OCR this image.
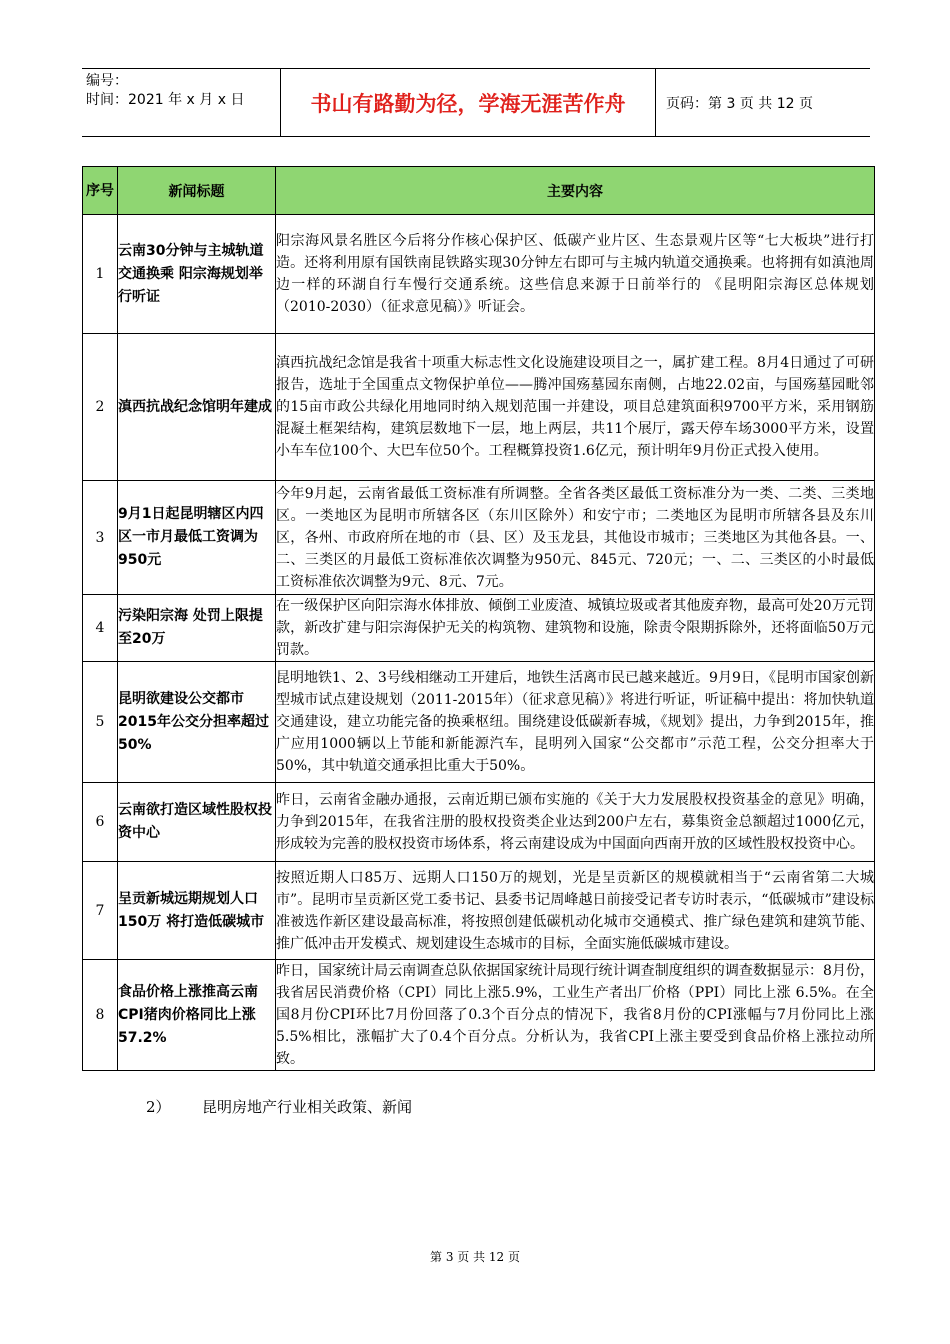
编号：
时间：2021 年 x 月 x 日	书山有路勤为径，学海无涯苦作舟	页码：第 3 页 共 12 页
序号	新闻标题	主要内容
1	云南30分钟与主城轨道交通换乘 阳宗海规划举行听证	阳宗海风景名胜区今后将分作核心保护区、低碳产业片区、生态景观片区等“七大板块”进行打造。还将利用原有国铁南昆铁路实现30分钟左右即可与主城内轨道交通换乘。也将拥有如滇池周边一样的环湖自行车慢行交通系统。这些信息来源于日前举行的 《昆明阳宗海区总体规划（2010-2030）（征求意见稿）》听证会。
2	滇西抗战纪念馆明年建成	滇西抗战纪念馆是我省十项重大标志性文化设施建设项目之一，属扩建工程。8月4日通过了可研报告，选址于全国重点文物保护单位——腾冲国殇墓园东南侧，占地22.02亩，与国殇墓园毗邻的15亩市政公共绿化用地同时纳入规划范围一并建设，项目总建筑面积9700平方米，采用钢筋混凝土框架结构，建筑层数地下一层，地上两层，共11个展厅，露天停车场3000平方米，设置小车车位100个、大巴车位50个。工程概算投资1.6亿元，预计明年9月份正式投入使用。
3	9月1日起昆明辖区内四区一市月最低工资调为950元	今年9月起，云南省最低工资标准有所调整。全省各类区最低工资标准分为一类、二类、三类地区。一类地区为昆明市所辖各区（东川区除外）和安宁市；二类地区为昆明市所辖各县及东川区，各州、市政府所在地的市（县、区）及玉龙县，其他设市城市；三类地区为其他各县。一、二、三类区的月最低工资标准依次调整为950元、845元、720元；一、二、三类区的小时最低工资标准依次调整为9元、8元、7元。
4	污染阳宗海 处罚上限提至20万	在一级保护区向阳宗海水体排放、倾倒工业废渣、城镇垃圾或者其他废弃物，最高可处20万元罚款，新改扩建与阳宗海保护无关的构筑物、建筑物和设施，除责令限期拆除外，还将面临50万元罚款。
5	昆明欲建设公交都市 2015年公交分担率超过50%	昆明地铁1、2、3号线相继动工开建后，地铁生活离市民已越来越近。9月9日，《昆明市国家创新型城市试点建设规划（2011-2015年）（征求意见稿）》将进行听证，听证稿中提出：将加快轨道交通建设，建立功能完备的换乘枢纽。围绕建设低碳新春城，《规划》提出，力争到2015年，推广应用1000辆以上节能和新能源汽车，昆明列入国家“公交都市”示范工程，公交分担率大于50%，其中轨道交通承担比重大于50%。
6	云南欲打造区域性股权投资中心	昨日，云南省金融办通报，云南近期已颁布实施的《关于大力发展股权投资基金的意见》明确，力争到2015年，在我省注册的股权投资类企业达到200户左右，募集资金总额超过1000亿元，形成较为完善的股权投资市场体系，将云南建设成为中国面向西南开放的区域性股权投资中心。
7	呈贡新城远期规划人口150万 将打造低碳城市	按照近期人口85万、远期人口150万的规划，光是呈贡新区的规模就相当于“云南省第二大城市”。昆明市呈贡新区党工委书记、县委书记周峰越日前接受记者专访时表示，“低碳城市”建设标准被选作新区建设最高标准，将按照创建低碳机动化城市交通模式、推广绿色建筑和建筑节能、推广低冲击开发模式、规划建设生态城市的目标，全面实施低碳城市建设。
8	食品价格上涨推高云南CPI猪肉价格同比上涨57.2%	昨日，国家统计局云南调查总队依据国家统计局现行统计调查制度组织的调查数据显示：8月份，我省居民消费价格（CPI）同比上涨5.9%，工业生产者出厂价格（PPI）同比上涨 6.5%。在全国8月份CPI环比7月份回落了0.3个百分点的情况下，我省8月份的CPI涨幅与7月份同比上涨5.5%相比，涨幅扩大了0.4个百分点。分析认为，我省CPI上涨主要受到食品价格上涨拉动所致。
2） 昆明房地产行业相关政策、新闻
第 3 页 共 12 页
